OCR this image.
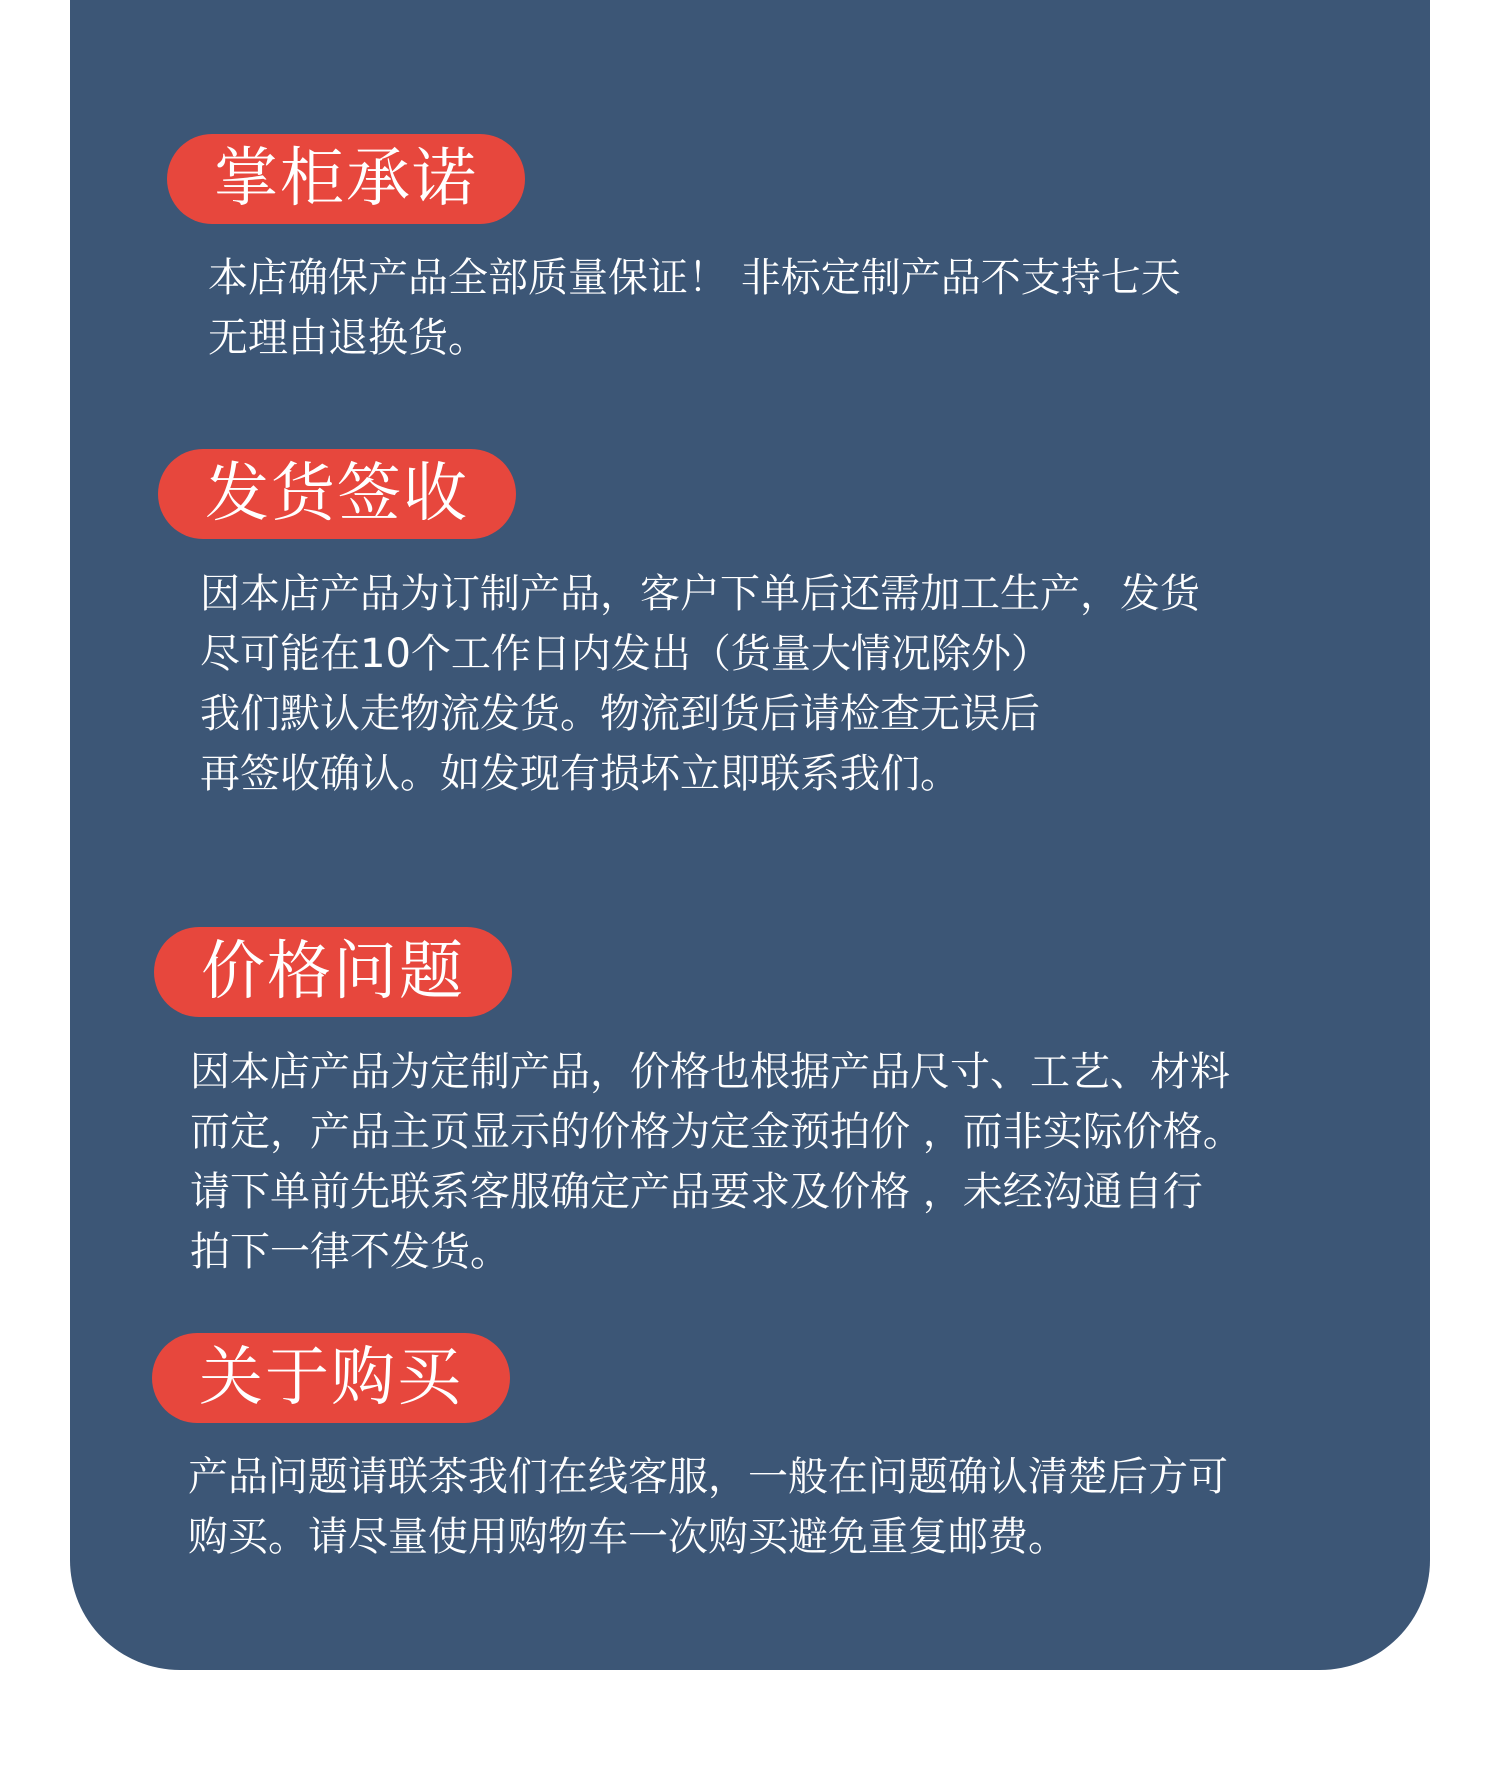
掌柜承诺
本店确保产品全部质量保证！ 非标定制产品不支持七天
无理由退换货。
发货签收
因本店产品为订制产品，客户下单后还需加工生产，发货
尽可能在10个工作日内发出（货量大情况除外）
我们默认走物流发货。物流到货后请检查无误后
再签收确认。如发现有损坏立即联系我们。
价格问题
因本店产品为定制产品，价格也根据产品尺寸、工艺、材料
而定，产品主页显示的价格为定金预拍价 ，而非实际价格。
请下单前先联系客服确定产品要求及价格 ，未经沟通自行
拍下一律不发货。
关于购买
产品问题请联茶我们在线客服，一般在问题确认清楚后方可
购买。请尽量使用购物车一次购买避免重复邮费。
